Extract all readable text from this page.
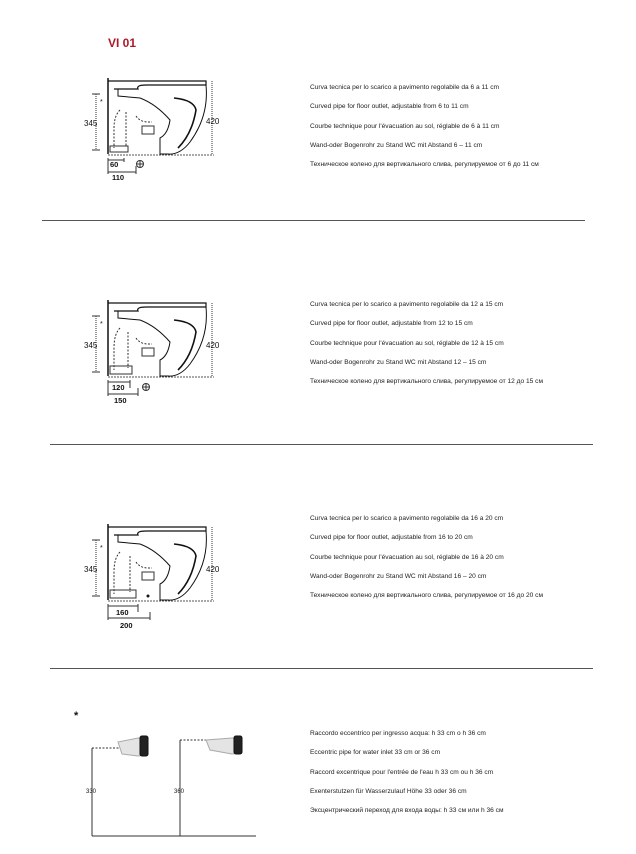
VI 01
*
345	420
60
110
Curva tecnica per lo scarico a pavimento regolabile da 6 a 11 cm
Curved pipe for floor outlet, adjustable from 6 to 11 cm
Courbe technique pour l'évacuation au sol, réglable de 6 à 11 cm
Wand-oder Bogenrohr zu Stand WC mit Abstand 6 – 11 cm
Техническое колено для вертикального слива, регулируемое от 6 до 11 см
*
345	420
120
150
Curva tecnica per lo scarico a pavimento regolabile da 12 a 15 cm
Curved pipe for floor outlet, adjustable from 12 to 15 cm
Courbe technique pour l'évacuation au sol, réglable de 12 à 15 cm
Wand-oder Bogenrohr zu Stand WC mit Abstand 12 – 15 cm
Техническое колено для вертикального слива, регулируемое от 12 до 15 см
*
345	420
160
200
Curva tecnica per lo scarico a pavimento regolabile da 16 a 20 cm
Curved pipe for floor outlet, adjustable from 16 to 20 cm
Courbe technique pour l'évacuation au sol, réglable de 16 à 20 cm
Wand-oder Bogenrohr zu Stand WC mit Abstand 16 – 20 cm
Техническое колено для вертикального слива, регулируемое от 16 до 20 см
*
330	360
Raccordo eccentrico per ingresso acqua: h 33 cm o h 36 cm
Eccentric pipe for water inlet 33 cm or 36 cm
Raccord excentrique pour l'entrée de l'eau h 33 cm ou h 36 cm
Exenterstutzen für Wasserzulauf Höhe 33 oder 36 cm
Эксцентрический переход для входа воды: h 33 см или h 36 см
